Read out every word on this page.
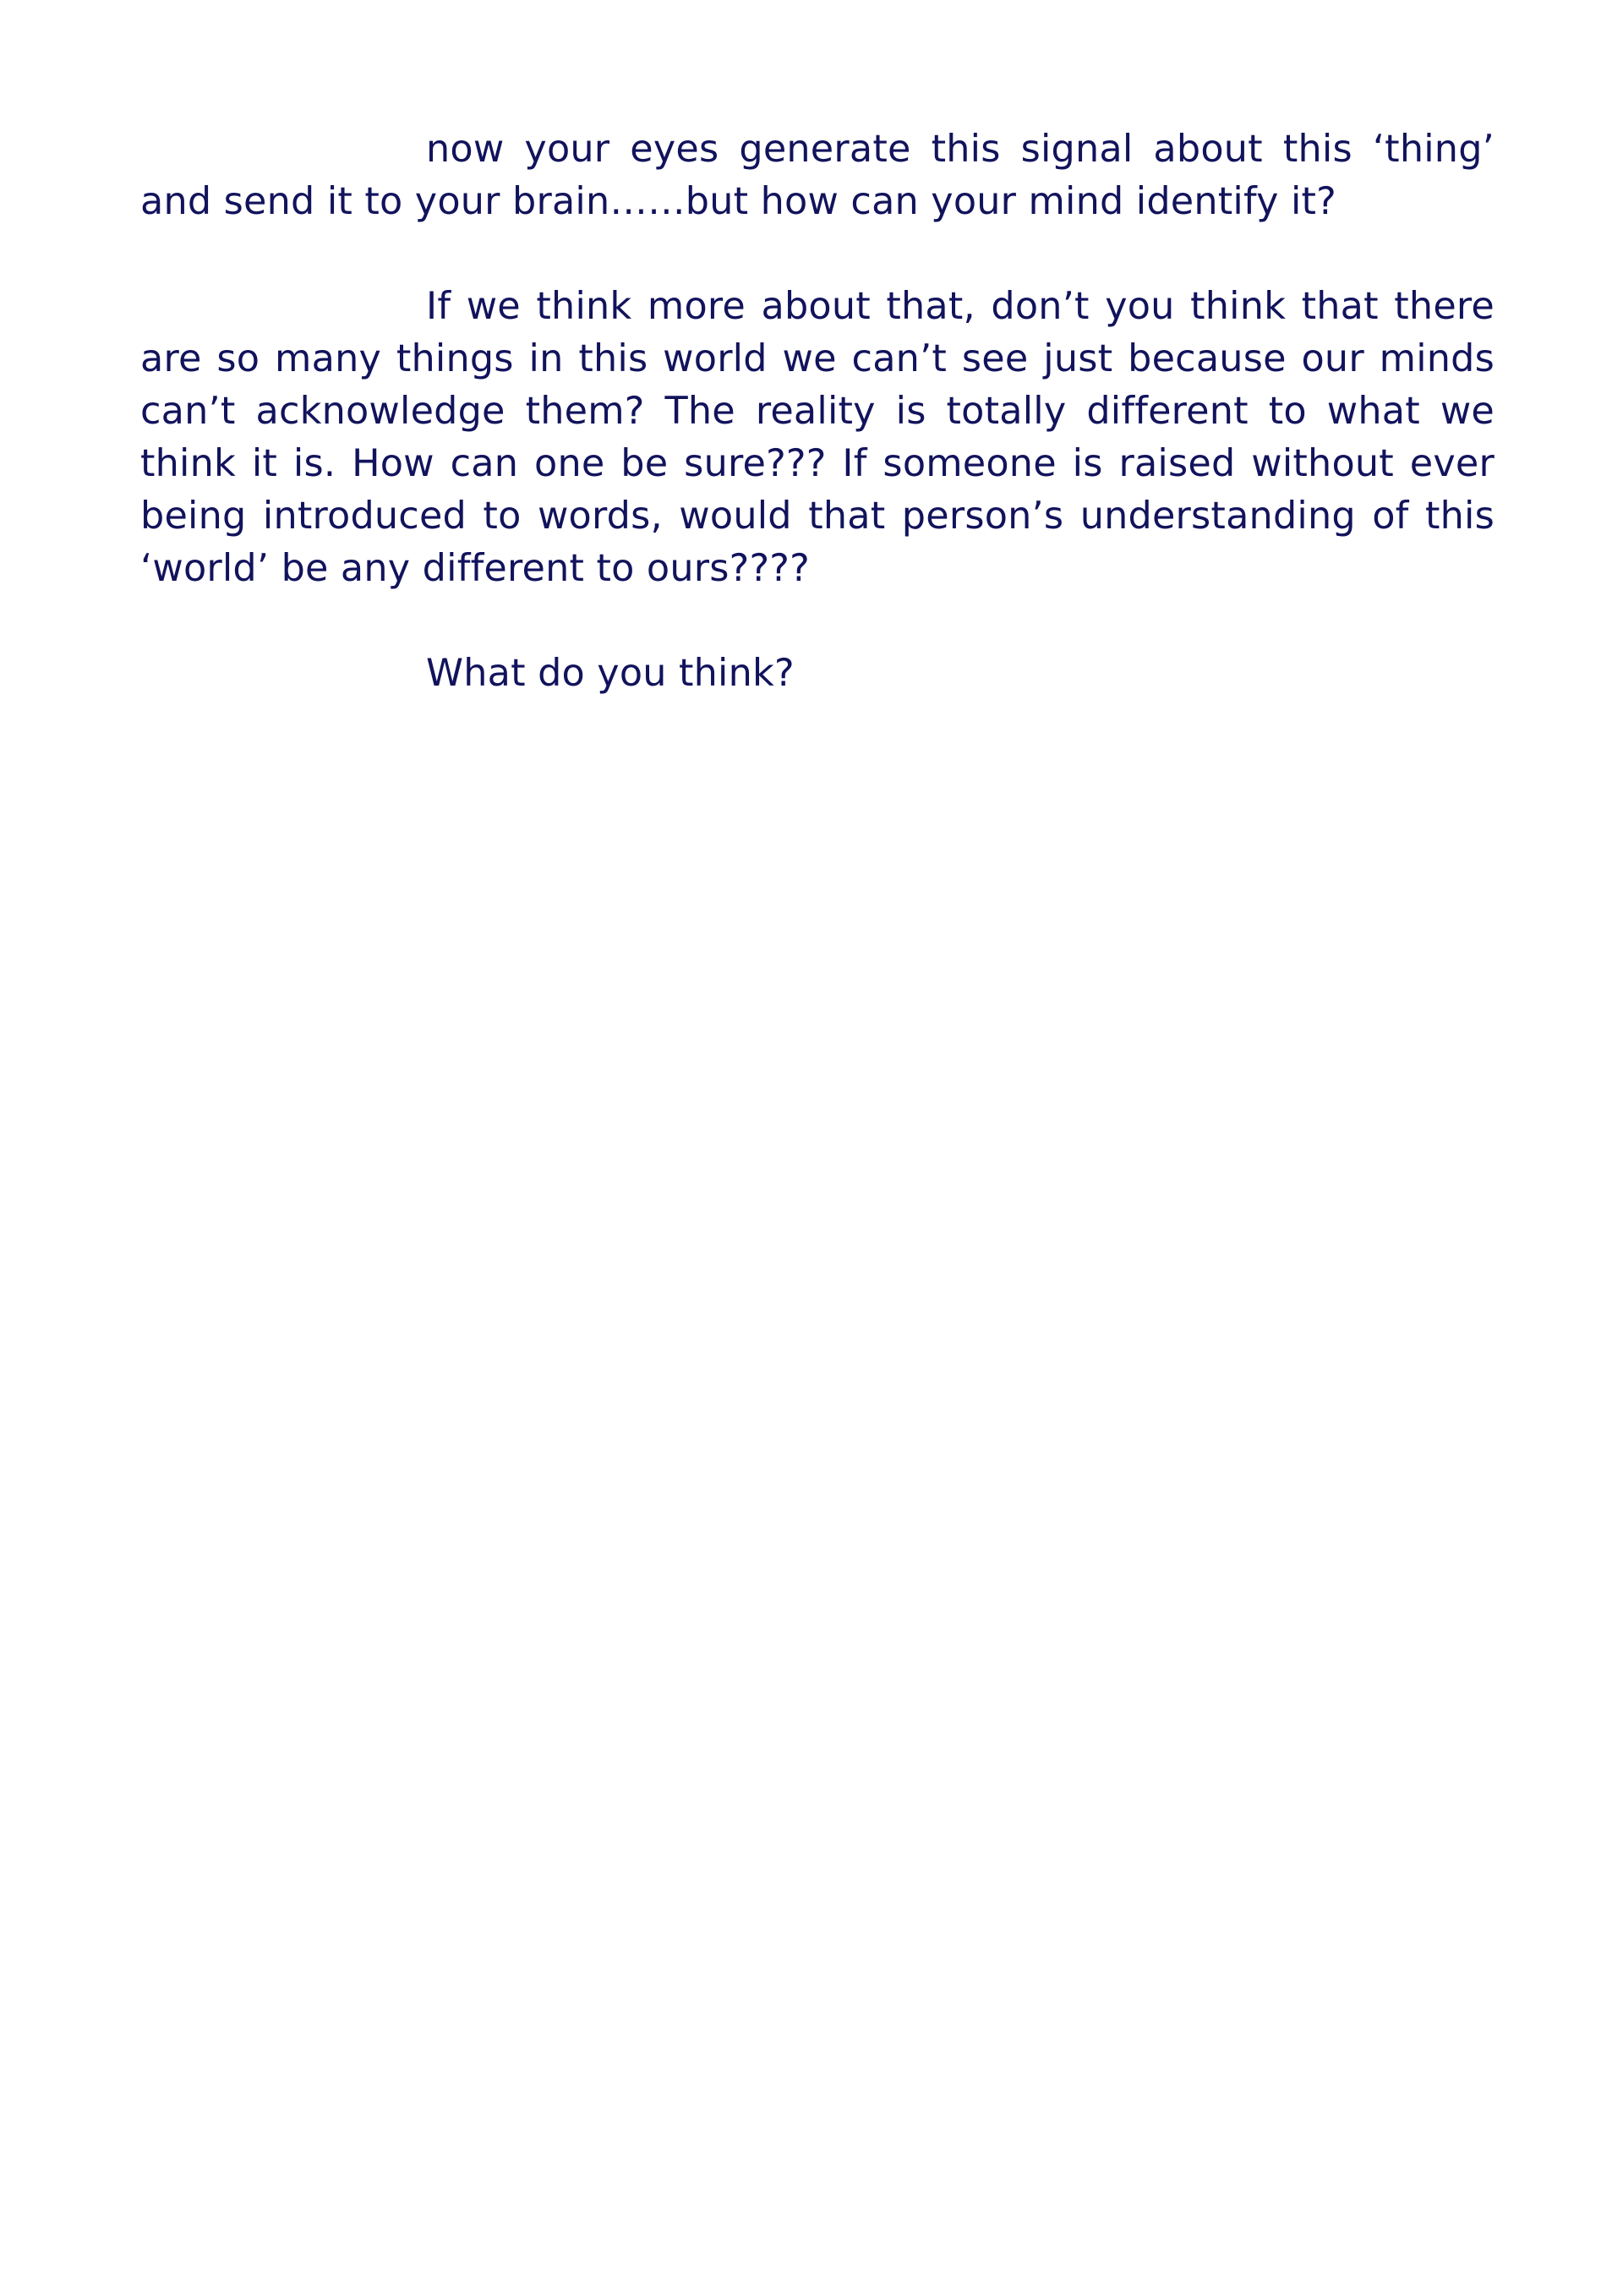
now your eyes generate this signal about this ‘thing’ and send it to your brain……but how can your mind identify it?

If we think more about that, don’t you think that there are so many things in this world we can’t see just because our minds can’t acknowledge them? The reality is totally different to what we think it is. How can one be sure??? If someone is raised without ever being introduced to words, would that person’s understanding of this ‘world’ be any different to ours????

What do you think?
